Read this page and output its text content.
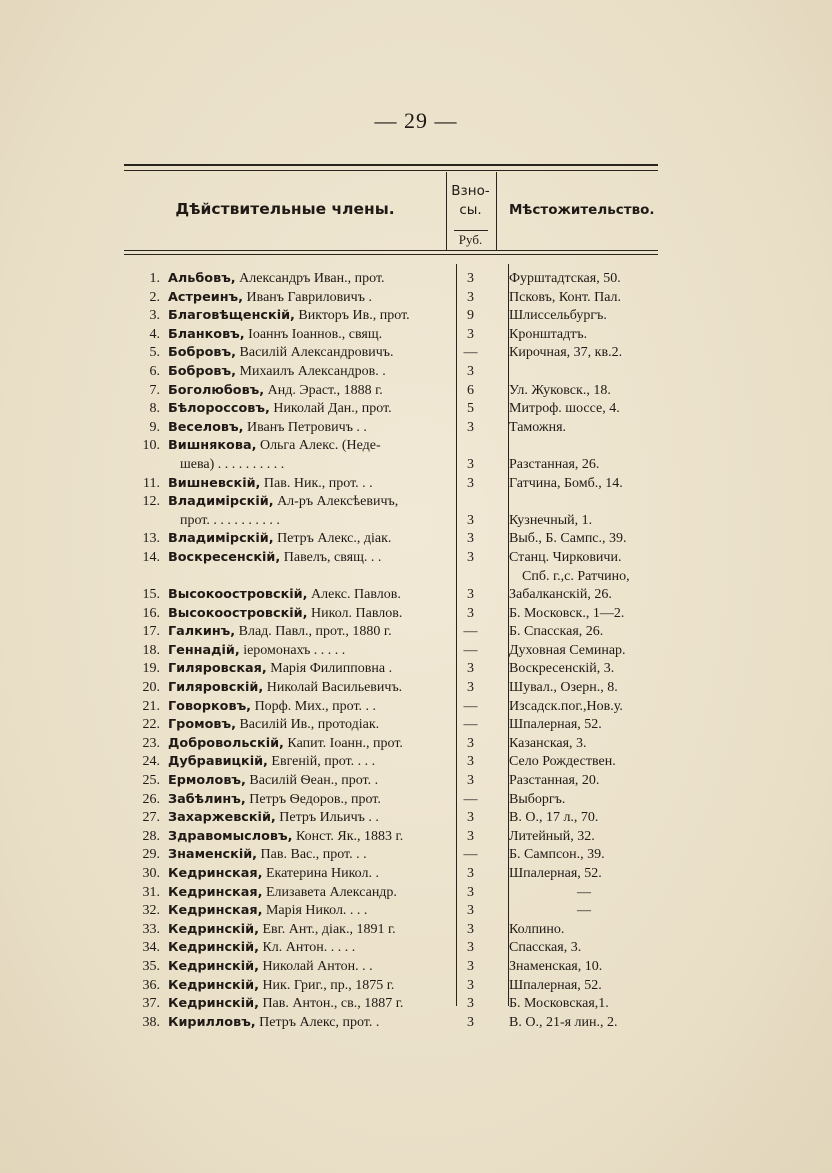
— 29 —
Дѣйствительные члены.
Взно-
сы.
Руб.
Мѣстожительство.
1. Альбовъ, Александръ Иван., прот.	3	Фурштадтская, 50.
2. Астреинъ, Иванъ Гавриловичъ .	3	Псковъ, Конт. Пал.
3. Благовѣщенскій, Викторъ Ив., прот.	9	Шлиссельбургъ.
4. Бланковъ, Іоаннъ Іоаннов., свящ.	3	Кронштадтъ.
5. Бобровъ, Василій Александровичъ.	—	Кирочная, 37, кв.2.
6. Бобровъ, Михаилъ Александров. .	3
7. Боголюбовъ, Анд. Эраст., 1888 г.	6	Ул. Жуковск., 18.
8. Бѣлороссовъ, Николай Дан., прот.	5	Митроф. шоссе, 4.
9. Веселовъ, Иванъ Петровичъ . .	3	Таможня.
10. Вишнякова, Ольга Алекс. (Неде-
шева) . . . . . . . . . .	3	Разстанная, 26.
11. Вишневскій, Пав. Ник., прот. . .	3	Гатчина, Бомб., 14.
12. Владимірскій, Ал-ръ Алексѣевичъ,
прот. . . . . . . . . . .	3	Кузнечный, 1.
13. Владимірскій, Петръ Алекс., діак.	3	Выб., Б. Сампс., 39.
14. Воскресенскій, Павелъ, свящ. . .	3	Станц. Чирковичи.
Спб. г.,с. Ратчино,
15. Высокоостровскій, Алекс. Павлов.	3	Забалканскій, 26.
16. Высокоостровскій, Никол. Павлов.	3	Б. Московск., 1—2.
17. Галкинъ, Влад. Павл., прот., 1880 г.	—	Б. Спасская, 26.
18. Геннадій, іеромонахъ . . . . .	—	Духовная Семинар.
19. Гиляровская, Марія Филипповна .	3	Воскресенскій, 3.
20. Гиляровскій, Николай Васильевичъ.	3	Шувал., Озерн., 8.
21. Говорковъ, Порф. Мих., прот. . .	—	Изсадск.пог.,Нов.у.
22. Громовъ, Василій Ив., протодіак.	—	Шпалерная, 52.
23. Добровольскій, Капит. Іоанн., прот.	3	Казанская, 3.
24. Дубравицкій, Евгеній, прот. . . .	3	Село Рождествен.
25. Ермоловъ, Василій Ѳеан., прот. .	3	Разстанная, 20.
26. Забѣлинъ, Петръ Ѳедоров., прот.	—	Выборгъ.
27. Захаржевскій, Петръ Ильичъ . .	3	В. О., 17 л., 70.
28. Здравомысловъ, Конст. Як., 1883 г.	3	Литейный, 32.
29. Знаменскій, Пав. Вас., прот. . .	—	Б. Сампсон., 39.
30. Кедринская, Екатерина Никол. .	3	Шпалерная, 52.
31. Кедринская, Елизавета Александр.	3	—
32. Кедринская, Марія Никол. . . .	3	—
33. Кедринскій, Евг. Ант., діак., 1891 г.	3	Колпино.
34. Кедринскій, Кл. Антон. . . . .	3	Спасская, 3.
35. Кедринскій, Николай Антон. . .	3	Знаменская, 10.
36. Кедринскій, Ник. Григ., пр., 1875 г.	3	Шпалерная, 52.
37. Кедринскій, Пав. Антон., св., 1887 г.	3	Б. Московская,1.
38. Кирилловъ, Петръ Алекс, прот. .	3	В. О., 21-я лин., 2.
